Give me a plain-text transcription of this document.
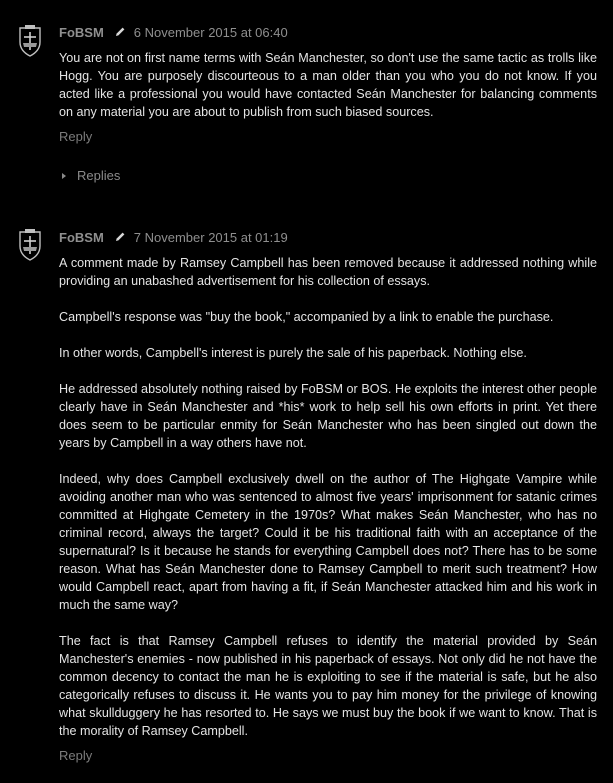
FoBSM 6 November 2015 at 06:40

You are not on first name terms with Seán Manchester, so don't use the same tactic as trolls like Hogg. You are purposely discourteous to a man older than you who you do not know. If you acted like a professional you would have contacted Seán Manchester for balancing comments on any material you are about to publish from such biased sources.

Reply
Replies
FoBSM 7 November 2015 at 01:19

A comment made by Ramsey Campbell has been removed because it addressed nothing while providing an unabashed advertisement for his collection of essays.

Campbell's response was "buy the book," accompanied by a link to enable the purchase.

In other words, Campbell's interest is purely the sale of his paperback. Nothing else.

He addressed absolutely nothing raised by FoBSM or BOS. He exploits the interest other people clearly have in Seán Manchester and *his* work to help sell his own efforts in print. Yet there does seem to be particular enmity for Seán Manchester who has been singled out down the years by Campbell in a way others have not.

Indeed, why does Campbell exclusively dwell on the author of The Highgate Vampire while avoiding another man who was sentenced to almost five years' imprisonment for satanic crimes committed at Highgate Cemetery in the 1970s? What makes Seán Manchester, who has no criminal record, always the target? Could it be his traditional faith with an acceptance of the supernatural? Is it because he stands for everything Campbell does not? There has to be some reason. What has Seán Manchester done to Ramsey Campbell to merit such treatment? How would Campbell react, apart from having a fit, if Seán Manchester attacked him and his work in much the same way?

The fact is that Ramsey Campbell refuses to identify the material provided by Seán Manchester's enemies - now published in his paperback of essays. Not only did he not have the common decency to contact the man he is exploiting to see if the material is safe, but he also categorically refuses to discuss it. He wants you to pay him money for the privilege of knowing what skullduggery he has resorted to. He says we must buy the book if we want to know. That is the morality of Ramsey Campbell.

Reply
